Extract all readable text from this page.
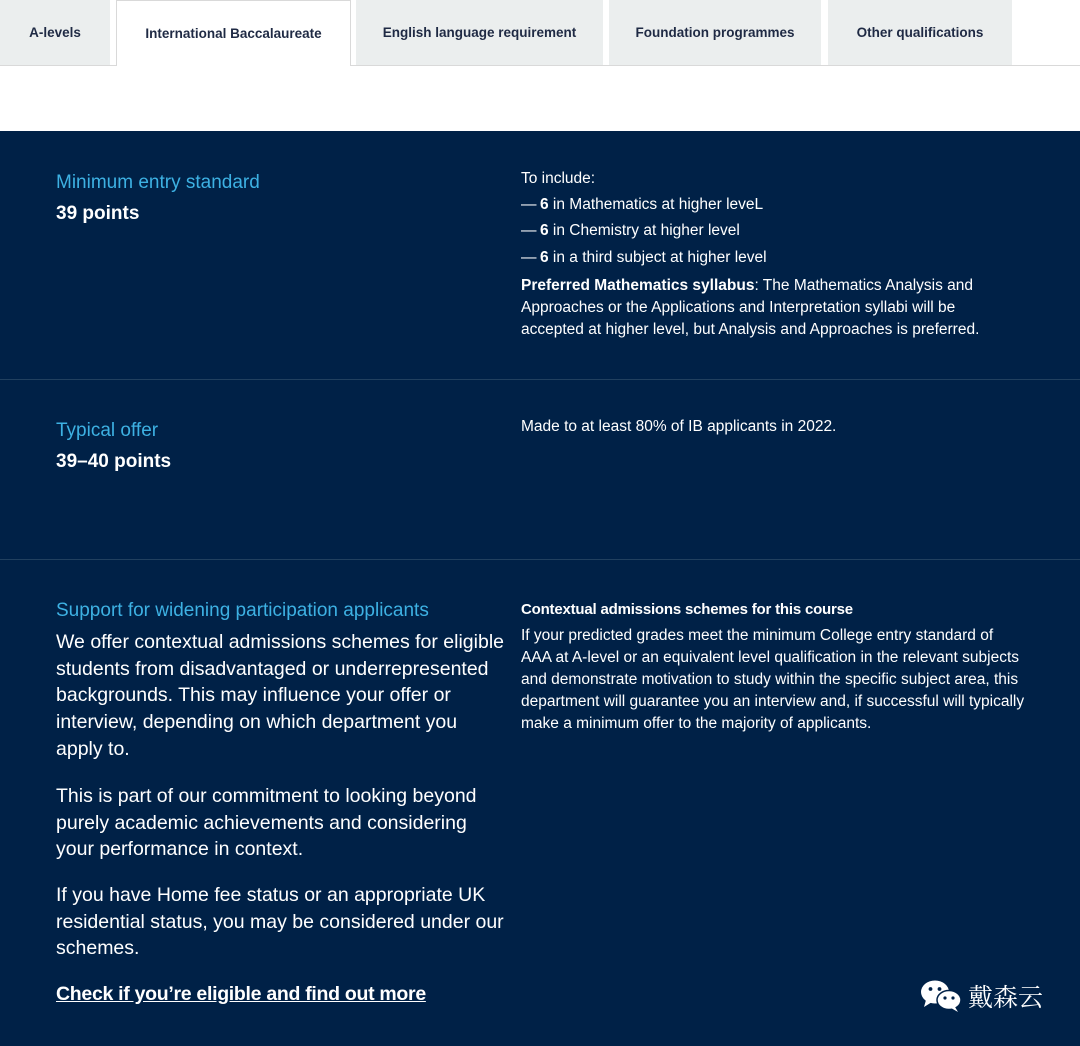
A-levels	International Baccalaureate	English language requirement	Foundation programmes	Other qualifications
Minimum entry standard
39 points
To include:
— 6 in Mathematics at higher leveL
— 6 in Chemistry at higher level
— 6 in a third subject at higher level
Preferred Mathematics syllabus: The Mathematics Analysis and Approaches or the Applications and Interpretation syllabi will be accepted at higher level, but Analysis and Approaches is preferred.
Typical offer
39–40 points
Made to at least 80% of IB applicants in 2022.
Support for widening participation applicants
We offer contextual admissions schemes for eligible students from disadvantaged or underrepresented backgrounds. This may influence your offer or interview, depending on which department you apply to.
This is part of our commitment to looking beyond purely academic achievements and considering your performance in context.
If you have Home fee status or an appropriate UK residential status, you may be considered under our schemes.
Check if you’re eligible and find out more
Contextual admissions schemes for this course
If your predicted grades meet the minimum College entry standard of AAA at A-level or an equivalent level qualification in the relevant subjects and demonstrate motivation to study within the specific subject area, this department will guarantee you an interview and, if successful will typically make a minimum offer to the majority of applicants.
戴森云
